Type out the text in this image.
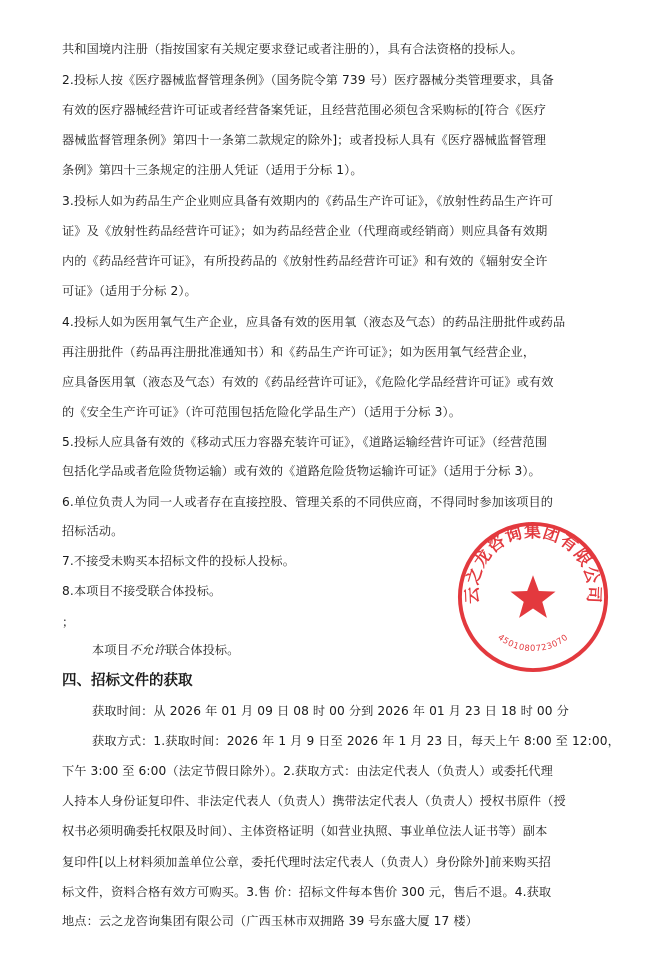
共和国境内注册（指按国家有关规定要求登记或者注册的），具有合法资格的投标人。
2.投标人按《医疗器械监督管理条例》（国务院令第 739 号）医疗器械分类管理要求，具备
有效的医疗器械经营许可证或者经营备案凭证，且经营范围必须包含采购标的[符合《医疗
器械监督管理条例》第四十一条第二款规定的除外]；或者投标人具有《医疗器械监督管理
条例》第四十三条规定的注册人凭证（适用于分标 1）。
3.投标人如为药品生产企业则应具备有效期内的《药品生产许可证》，《放射性药品生产许可
证》及《放射性药品经营许可证》；如为药品经营企业（代理商或经销商）则应具备有效期
内的《药品经营许可证》，有所投药品的《放射性药品经营许可证》和有效的《辐射安全许
可证》（适用于分标 2）。
4.投标人如为医用氧气生产企业，应具备有效的医用氧（液态及气态）的药品注册批件或药品
再注册批件（药品再注册批准通知书）和《药品生产许可证》；如为医用氧气经营企业，
应具备医用氧（液态及气态）有效的《药品经营许可证》，《危险化学品经营许可证》或有效
的《安全生产许可证》（许可范围包括危险化学品生产）（适用于分标 3）。
5.投标人应具备有效的《移动式压力容器充装许可证》，《道路运输经营许可证》（经营范围
包括化学品或者危险货物运输）或有效的《道路危险货物运输许可证》（适用于分标 3）。
6.单位负责人为同一人或者存在直接控股、管理关系的不同供应商，不得同时参加该项目的
招标活动。
7.不接受未购买本招标文件的投标人投标。
8.本项目不接受联合体投标。
；
本项目不允许联合体投标。
四、招标文件的获取
获取时间：从 2026 年 01 月 09 日 08 时 00 分到 2026 年 01 月 23 日 18 时 00 分
获取方式：1.获取时间：2026 年 1 月 9 日至 2026 年 1 月 23 日，每天上午 8:00 至 12:00，
下午 3:00 至 6:00（法定节假日除外）。2.获取方式：由法定代表人（负责人）或委托代理
人持本人身份证复印件、非法定代表人（负责人）携带法定代表人（负责人）授权书原件（授
权书必须明确委托权限及时间）、主体资格证明（如营业执照、事业单位法人证书等）副本
复印件[以上材料须加盖单位公章，委托代理时法定代表人（负责人）身份除外]前来购买招
标文件，资料合格有效方可购买。3.售 价：招标文件每本售价 300 元，售后不退。4.获取
地点：云之龙咨询集团有限公司（广西玉林市双拥路 39 号东盛大厦 17 楼）
云之龙咨询集团有限公司
4501080723070
